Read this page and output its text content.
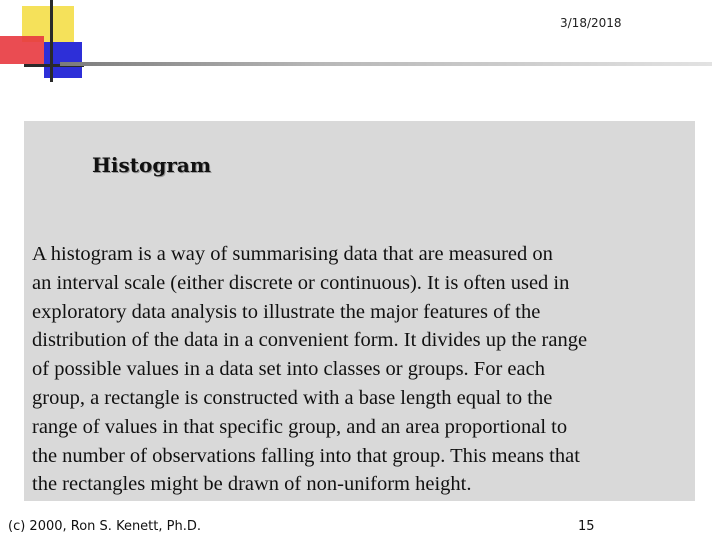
3/18/2018
Histogram

A histogram is a way of summarising data that are measured on
an interval scale (either discrete or continuous). It is often used in
exploratory data analysis to illustrate the major features of the
distribution of the data in a convenient form. It divides up the range
of possible values in a data set into classes or groups. For each
group, a rectangle is constructed with a base length equal to the
range of values in that specific group, and an area proportional to
the number of observations falling into that group. This means that
the rectangles might be drawn of non-uniform height.

(c) 2000, Ron S. Kenett, Ph.D.	15
